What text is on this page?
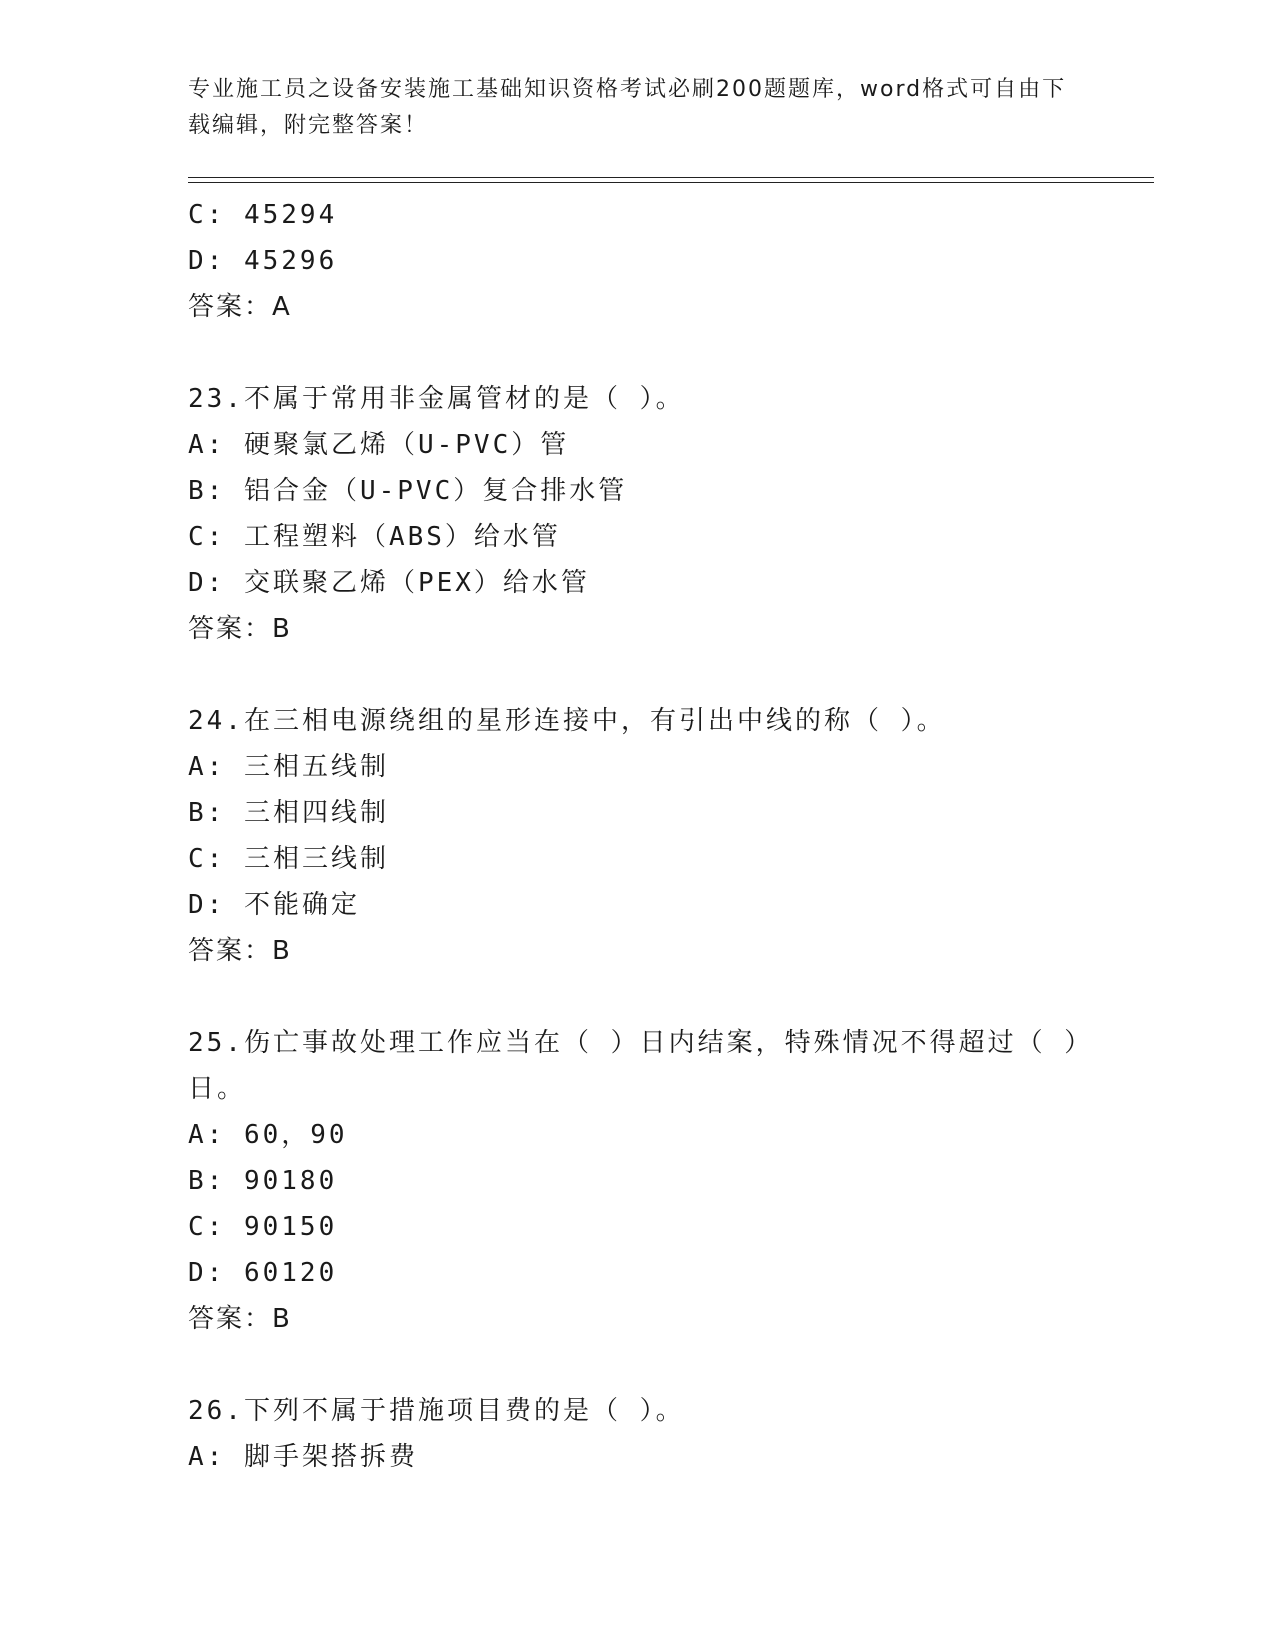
专业施工员之设备安装施工基础知识资格考试必刷200题题库，word格式可自由下载编辑，附完整答案！
C: 45294
D: 45296
答案：A
23.不属于常用非金属管材的是（ ）。
A: 硬聚氯乙烯（U-PVC）管
B: 铝合金（U-PVC）复合排水管
C: 工程塑料（ABS）给水管
D: 交联聚乙烯（PEX）给水管
答案：B
24.在三相电源绕组的星形连接中，有引出中线的称（ ）。
A: 三相五线制
B: 三相四线制
C: 三相三线制
D: 不能确定
答案：B
25.伤亡事故处理工作应当在（ ）日内结案，特殊情况不得超过（ ）
日。
A: 60，90
B: 90180
C: 90150
D: 60120
答案：B
26.下列不属于措施项目费的是（ ）。
A: 脚手架搭拆费
